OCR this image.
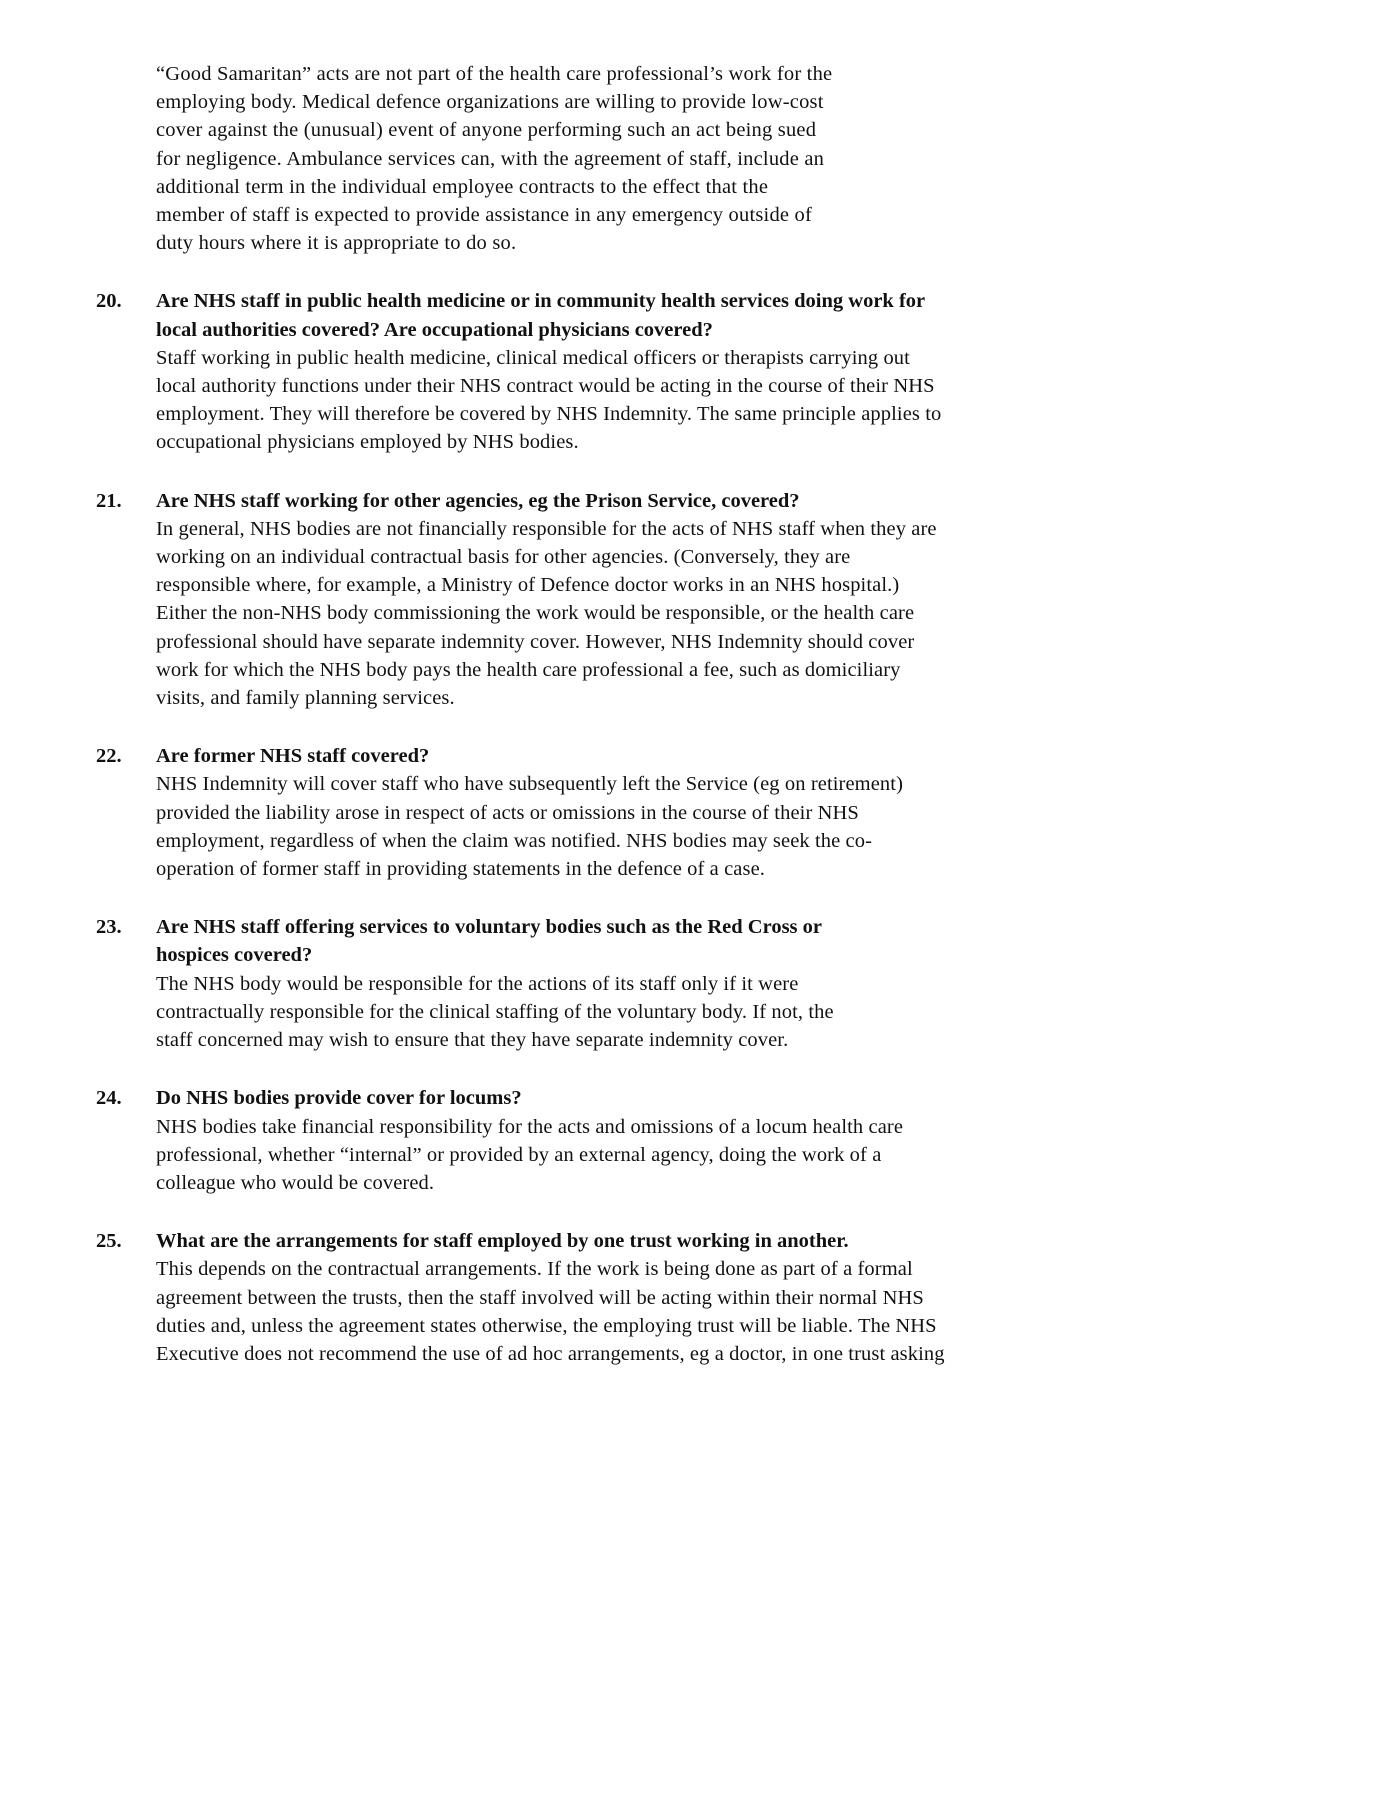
“Good Samaritan” acts are not part of the health care professional’s work for the employing body. Medical defence organizations are willing to provide low-cost cover against the (unusual) event of anyone performing such an act being sued for negligence. Ambulance services can, with the agreement of staff, include an additional term in the individual employee contracts to the effect that the member of staff is expected to provide assistance in any emergency outside of duty hours where it is appropriate to do so.

20.	Are NHS staff in public health medicine or in community health services doing work for local authorities covered? Are occupational physicians covered?

Staff working in public health medicine, clinical medical officers or therapists carrying out local authority functions under their NHS contract would be acting in the course of their NHS employment. They will therefore be covered by NHS Indemnity. The same principle applies to occupational physicians employed by NHS bodies.

21.	Are NHS staff working for other agencies, eg the Prison Service, covered?

In general, NHS bodies are not financially responsible for the acts of NHS staff when they are working on an individual contractual basis for other agencies. (Conversely, they are responsible where, for example, a Ministry of Defence doctor works in an NHS hospital.) Either the non-NHS body commissioning the work would be responsible, or the health care professional should have separate indemnity cover. However, NHS Indemnity should cover work for which the NHS body pays the health care professional a fee, such as domiciliary visits, and family planning services.

22.	Are former NHS staff covered?

NHS Indemnity will cover staff who have subsequently left the Service (eg on retirement) provided the liability arose in respect of acts or omissions in the course of their NHS employment, regardless of when the claim was notified. NHS bodies may seek the co-operation of former staff in providing statements in the defence of a case.

23.	Are NHS staff offering services to voluntary bodies such as the Red Cross or hospices covered?

The NHS body would be responsible for the actions of its staff only if it were contractually responsible for the clinical staffing of the voluntary body. If not, the staff concerned may wish to ensure that they have separate indemnity cover.

24.	Do NHS bodies provide cover for locums?

NHS bodies take financial responsibility for the acts and omissions of a locum health care professional, whether “internal” or provided by an external agency, doing the work of a colleague who would be covered.

25.	What are the arrangements for staff employed by one trust working in another.

This depends on the contractual arrangements. If the work is being done as part of a formal agreement between the trusts, then the staff involved will be acting within their normal NHS duties and, unless the agreement states otherwise, the employing trust will be liable. The NHS Executive does not recommend the use of ad hoc arrangements, eg a doctor, in one trust asking
